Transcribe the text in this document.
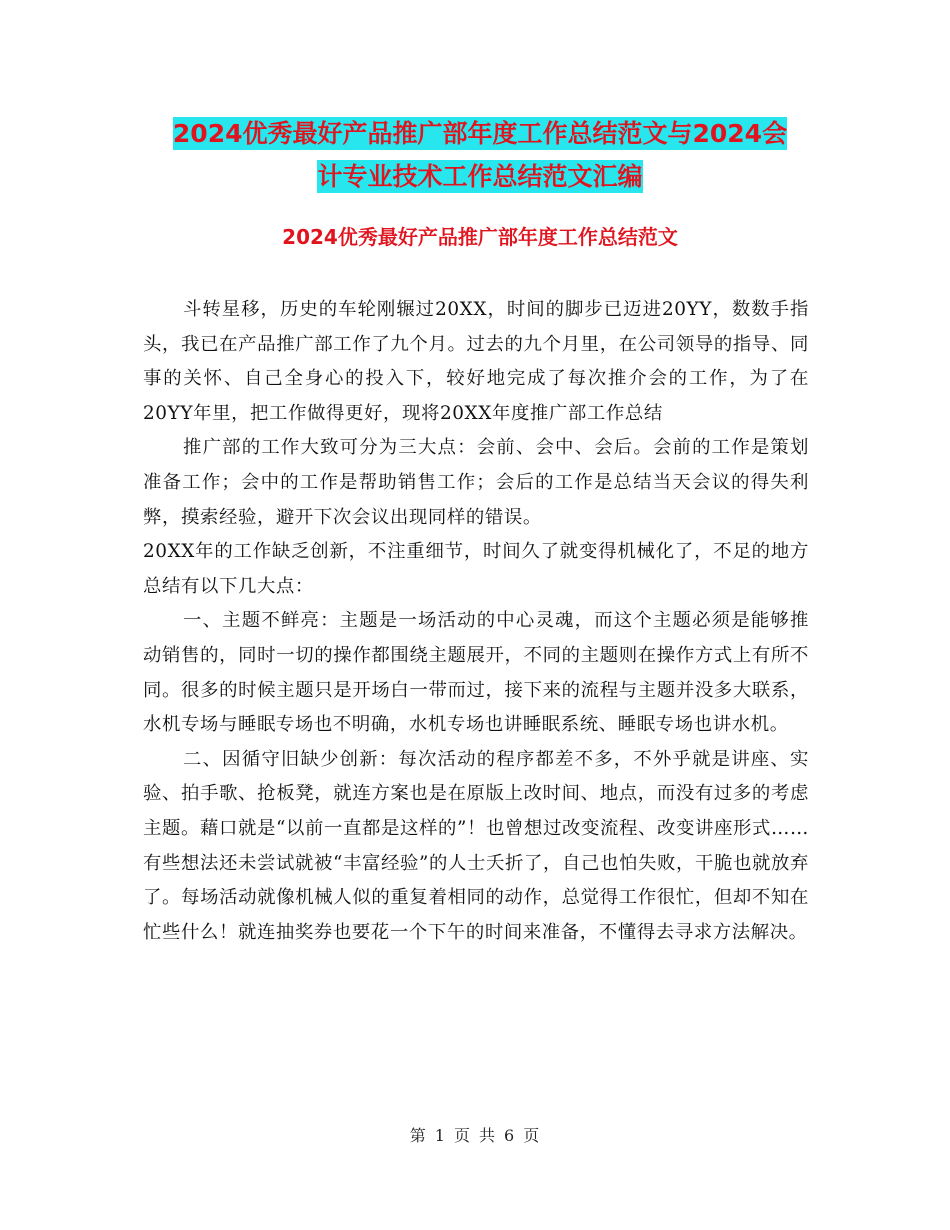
2024优秀最好产品推广部年度工作总结范文与2024会
计专业技术工作总结范文汇编
2024优秀最好产品推广部年度工作总结范文

斗转星移，历史的车轮刚辗过20XX，时间的脚步已迈进20YY，数数手指头，我已在产品推广部工作了九个月。过去的九个月里，在公司领导的指导、同事的关怀、自己全身心的投入下，较好地完成了每次推介会的工作，为了在20YY年里，把工作做得更好，现将20XX年度推广部工作总结

推广部的工作大致可分为三大点：会前、会中、会后。会前的工作是策划准备工作；会中的工作是帮助销售工作；会后的工作是总结当天会议的得失利弊，摸索经验，避开下次会议出现同样的错误。

20XX年的工作缺乏创新，不注重细节，时间久了就变得机械化了，不足的地方总结有以下几大点：

一、主题不鲜亮：主题是一场活动的中心灵魂，而这个主题必须是能够推动销售的，同时一切的操作都围绕主题展开，不同的主题则在操作方式上有所不同。很多的时候主题只是开场白一带而过，接下来的流程与主题并没多大联系，水机专场与睡眠专场也不明确，水机专场也讲睡眠系统、睡眠专场也讲水机。

二、因循守旧缺少创新：每次活动的程序都差不多，不外乎就是讲座、实验、拍手歌、抢板凳，就连方案也是在原版上改时间、地点，而没有过多的考虑主题。藉口就是“以前一直都是这样的”！也曾想过改变流程、改变讲座形式……有些想法还未尝试就被“丰富经验”的人士夭折了，自己也怕失败，干脆也就放弃了。每场活动就像机械人似的重复着相同的动作，总觉得工作很忙，但却不知在忙些什么！就连抽奖券也要花一个下午的时间来准备，不懂得去寻求方法解决。

第 1 页 共 6 页
